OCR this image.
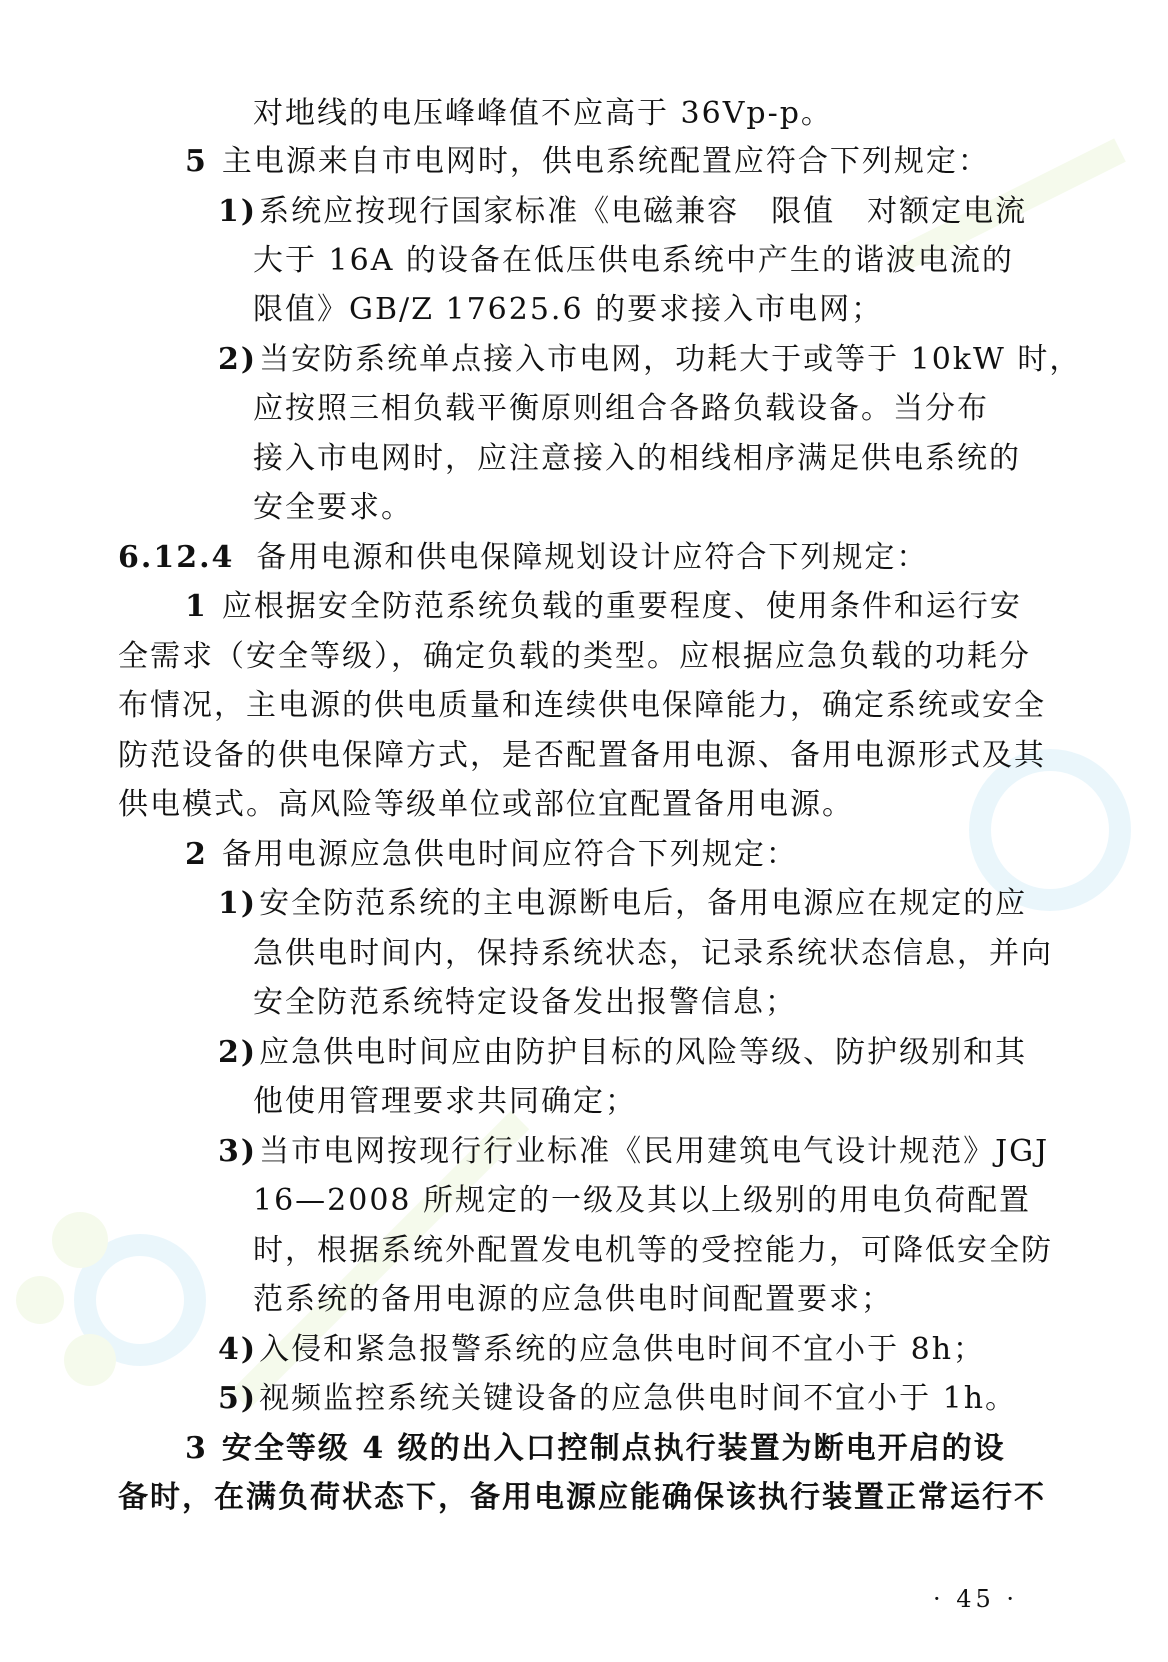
对地线的电压峰峰值不应高于 36Vp-p。
5 主电源来自市电网时，供电系统配置应符合下列规定：
1)系统应按现行国家标准《电磁兼容　限值　对额定电流
大于 16A 的设备在低压供电系统中产生的谐波电流的
限值》GB/Z 17625.6 的要求接入市电网；
2)当安防系统单点接入市电网，功耗大于或等于 10kW 时，
应按照三相负载平衡原则组合各路负载设备。当分布
接入市电网时，应注意接入的相线相序满足供电系统的
安全要求。
6.12.4 备用电源和供电保障规划设计应符合下列规定：
1 应根据安全防范系统负载的重要程度、使用条件和运行安
全需求（安全等级），确定负载的类型。应根据应急负载的功耗分
布情况，主电源的供电质量和连续供电保障能力，确定系统或安全
防范设备的供电保障方式，是否配置备用电源、备用电源形式及其
供电模式。高风险等级单位或部位宜配置备用电源。
2 备用电源应急供电时间应符合下列规定：
1)安全防范系统的主电源断电后，备用电源应在规定的应
急供电时间内，保持系统状态，记录系统状态信息，并向
安全防范系统特定设备发出报警信息；
2)应急供电时间应由防护目标的风险等级、防护级别和其
他使用管理要求共同确定；
3)当市电网按现行行业标准《民用建筑电气设计规范》JGJ
16—2008 所规定的一级及其以上级别的用电负荷配置
时，根据系统外配置发电机等的受控能力，可降低安全防
范系统的备用电源的应急供电时间配置要求；
4)入侵和紧急报警系统的应急供电时间不宜小于 8h；
5)视频监控系统关键设备的应急供电时间不宜小于 1h。
3 安全等级 4 级的出入口控制点执行装置为断电开启的设
备时，在满负荷状态下，备用电源应能确保该执行装置正常运行不
· 45 ·
